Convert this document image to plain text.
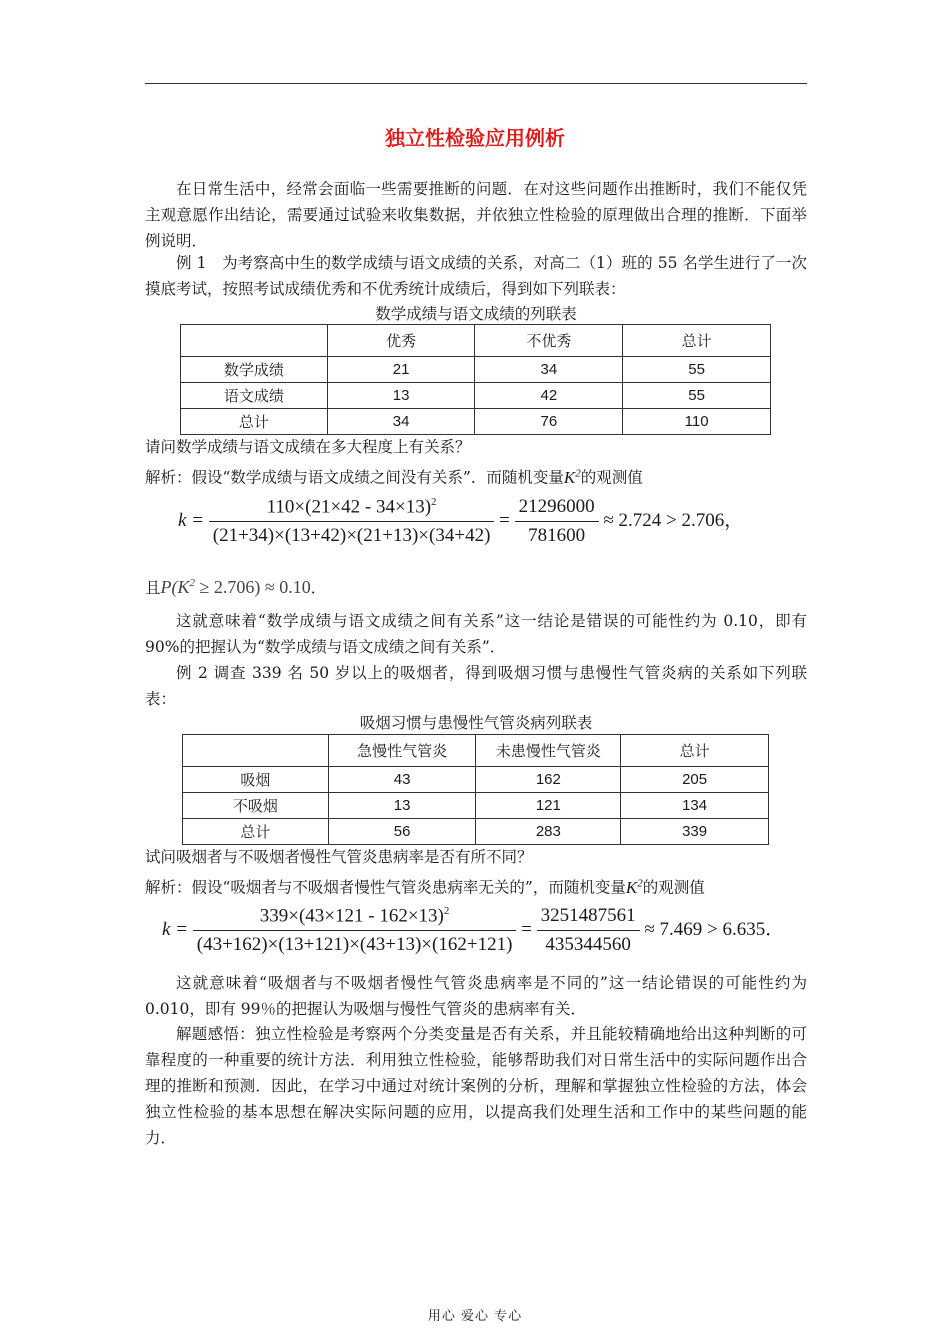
独立性检验应用例析
在日常生活中，经常会面临一些需要推断的问题．在对这些问题作出推断时，我们不能仅凭主观意愿作出结论，需要通过试验来收集数据，并依独立性检验的原理做出合理的推断．下面举例说明．
例 1　为考察高中生的数学成绩与语文成绩的关系，对高二（1）班的 55 名学生进行了一次摸底考试，按照考试成绩优秀和不优秀统计成绩后，得到如下列联表：
数学成绩与语文成绩的列联表
	优秀	不优秀	总计
数学成绩	21	34	55
语文成绩	13	42	55
总计	34	76	110
请问数学成绩与语文成绩在多大程度上有关系？
解析：假设“数学成绩与语文成绩之间没有关系”．而随机变量$K^2$的观测值
$k = \frac{110\times(21\times 42 - 34\times 13)^2}{(21+34)\times(13+42)\times(21+13)\times(34+42)} = \frac{21296000}{781600} \approx 2.724 > 2.706$，
且$P(K^2 \ge 2.706) \approx 0.10$．
这就意味着“数学成绩与语文成绩之间有关系”这一结论是错误的可能性约为 0.10，即有 90%的把握认为“数学成绩与语文成绩之间有关系”．
例 2 调查 339 名 50 岁以上的吸烟者，得到吸烟习惯与患慢性气管炎病的关系如下列联表：
吸烟习惯与患慢性气管炎病列联表
	急慢性气管炎	未患慢性气管炎	总计
吸烟	43	162	205
不吸烟	13	121	134
总计	56	283	339
试问吸烟者与不吸烟者慢性气管炎患病率是否有所不同？
解析：假设“吸烟者与不吸烟者慢性气管炎患病率无关的”，而随机变量$K^2$的观测值
$k = \frac{339\times(43\times 121 - 162\times 13)^2}{(43+162)\times(13+121)\times(43+13)\times(162+121)} = \frac{3251487561}{435344560} \approx 7.469 > 6.635$．
这就意味着“吸烟者与不吸烟者慢性气管炎患病率是不同的”这一结论错误的可能性约为 0.010，即有 99％的把握认为吸烟与慢性气管炎的患病率有关．
解题感悟：独立性检验是考察两个分类变量是否有关系，并且能较精确地给出这种判断的可靠程度的一种重要的统计方法．利用独立性检验，能够帮助我们对日常生活中的实际问题作出合理的推断和预测．因此，在学习中通过对统计案例的分析，理解和掌握独立性检验的方法，体会独立性检验的基本思想在解决实际问题的应用，以提高我们处理生活和工作中的某些问题的能力．
用心 爱心 专心
